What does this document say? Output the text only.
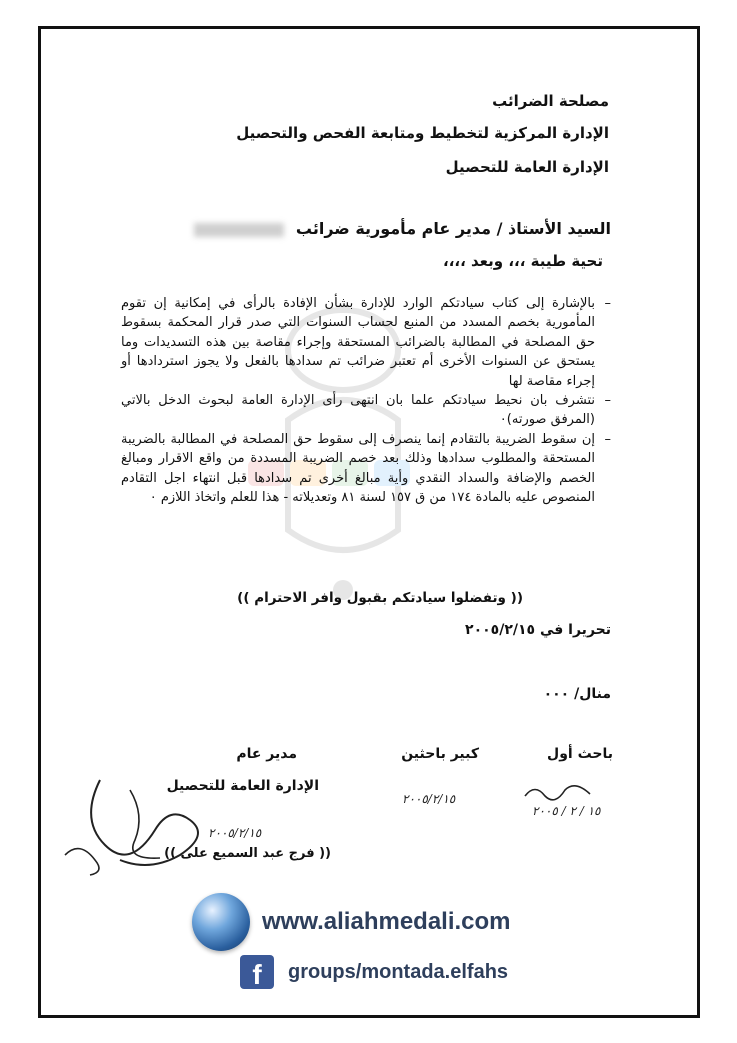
مصلحة الضرائب
الإدارة المركزية لتخطيط ومتابعة الفحص والتحصيل
الإدارة العامة للتحصيل
السيد الأستاذ / مدير عام مأمورية ضرائب
تحية طيبة ،،، وبعد ،،،،

– بالإشارة إلى كتاب سيادتكم الوارد للإدارة بشأن الإفادة بالرأى في إمكانية إن تقوم المأمورية بخصم المسدد من المنبع لحساب السنوات التي صدر قرار المحكمة بسقوط حق المصلحة في المطالبة بالضرائب المستحقة وإجراء مقاصة بين هذه التسديدات وما يستحق عن السنوات الأخرى أم تعتبر ضرائب تم سدادها بالفعل ولا يجوز استردادها أو إجراء مقاصة لها

– نتشرف بان نحيط سيادتكم علما بان انتهى رأى الإدارة العامة لبحوث الدخل بالاتي (المرفق صورته)٠

– إن سقوط الضريبة بالتقادم إنما ينصرف إلى سقوط حق المصلحة في المطالبة بالضريبة المستحقة والمطلوب سدادها وذلك بعد خصم الضريبة المسددة من واقع الاقرار ومبالغ الخصم والإضافة والسداد النقدي وأية مبالغ أخرى تم سدادها قبل انتهاء اجل التقادم المنصوص عليه بالمادة ١٧٤ من ق ١٥٧ لسنة ٨١ وتعديلاته - هذا للعلم واتخاذ اللازم ٠

(( وتفضلوا سيادتكم بقبول وافر الاحترام ))
تحريرا في ٢٠٠٥/٢/١٥
منال/ ٠٠٠
باحث أول
١٥ / ٢ / ٢٠٠٥
كبير باحثين
٢٠٠٥/٢/١٥
مدير عام
الإدارة العامة للتحصيل
٢٠٠٥/٢/١٥
(( فرج عبد السميع على ))
www.aliahmedali.com
f	groups/montada.elfahs
